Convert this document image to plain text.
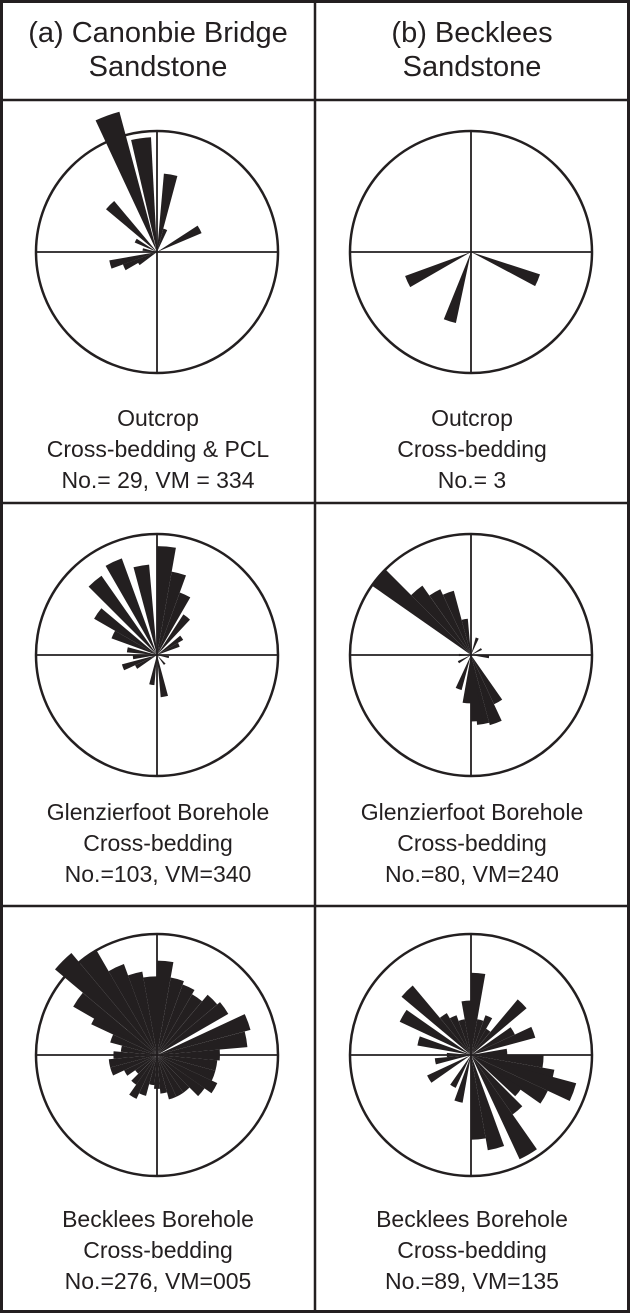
(a) Canonbie Bridge
Sandstone
(b) Becklees
Sandstone
Outcrop
Cross-bedding & PCL
No.= 29, VM = 334
Outcrop
Cross-bedding
No.= 3
Glenzierfoot Borehole
Cross-bedding
No.=103, VM=340
Glenzierfoot Borehole
Cross-bedding
No.=80, VM=240
Becklees Borehole
Cross-bedding
No.=276, VM=005
Becklees Borehole
Cross-bedding
No.=89, VM=135
